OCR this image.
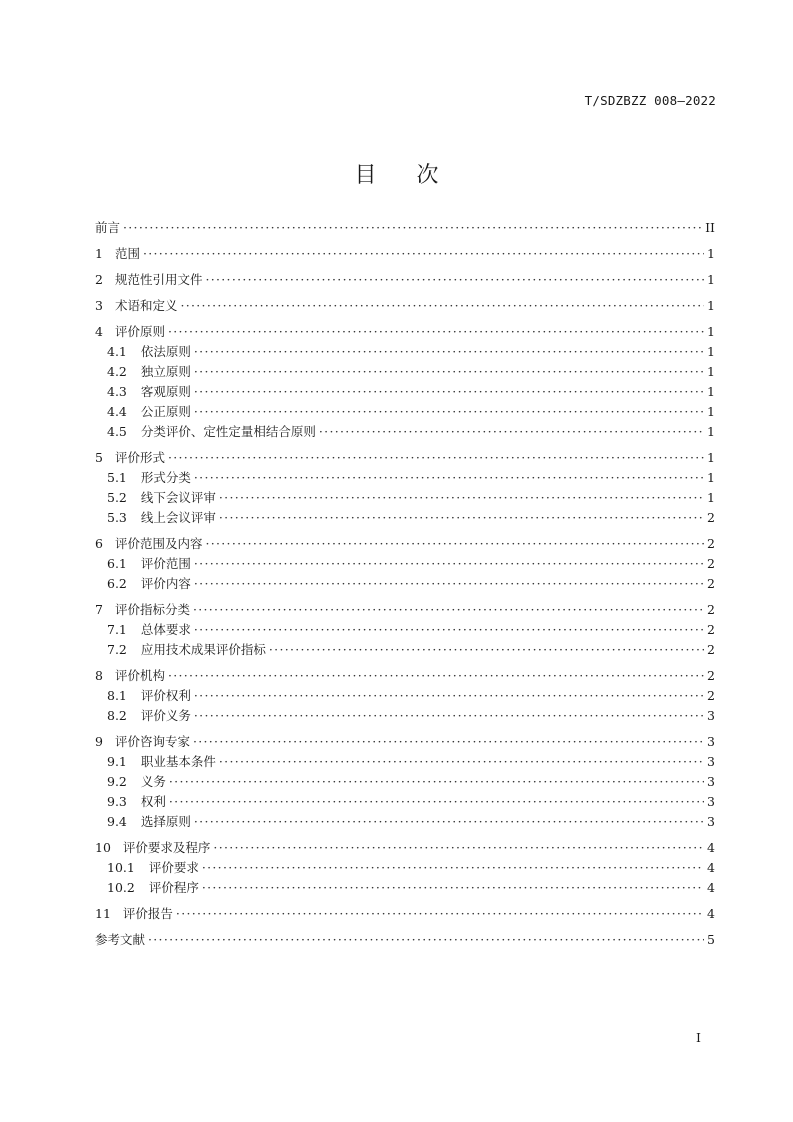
T/SDZBZZ 008—2022
目次
前言 ·····	II
1 范围 ·····	1
2 规范性引用文件 ·····	1
3 术语和定义 ·····	1
4 评价原则 ·····	1
4.1 依法原则 ·····	1
4.2 独立原则 ·····	1
4.3 客观原则 ·····	1
4.4 公正原则 ·····	1
4.5 分类评价、定性定量相结合原则 ·····	1
5 评价形式 ·····	1
5.1 形式分类 ·····	1
5.2 线下会议评审 ·····	1
5.3 线上会议评审 ·····	2
6 评价范围及内容 ·····	2
6.1 评价范围 ·····	2
6.2 评价内容 ·····	2
7 评价指标分类 ·····	2
7.1 总体要求 ·····	2
7.2 应用技术成果评价指标 ·····	2
8 评价机构 ·····	2
8.1 评价权利 ·····	2
8.2 评价义务 ·····	3
9 评价咨询专家 ·····	3
9.1 职业基本条件 ·····	3
9.2 义务 ·····	3
9.3 权利 ·····	3
9.4 选择原则 ·····	3
10 评价要求及程序 ·····	4
10.1 评价要求 ·····	4
10.2 评价程序 ·····	4
11 评价报告 ·····	4
参考文献 ·····	5
I
